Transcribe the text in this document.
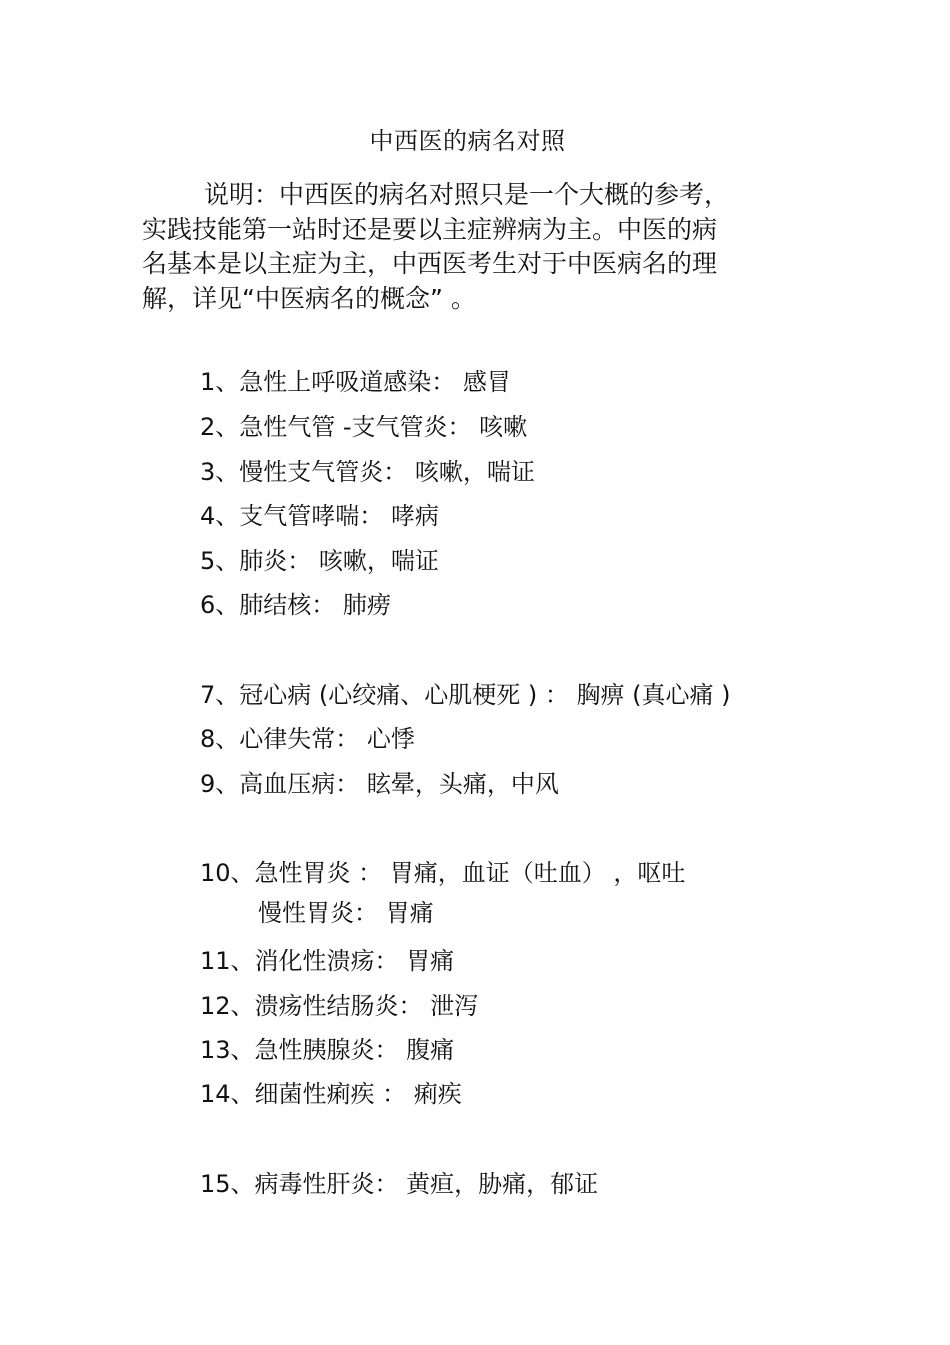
中西医的病名对照
说明：中西医的病名对照只是一个大概的参考，
实践技能第一站时还是要以主症辨病为主。中医的病
名基本是以主症为主，中西医考生对于中医病名的理
解，详见“中医病名的概念” 。
1、急性上呼吸道感染： 感冒
2、急性气管 -支气管炎： 咳嗽
3、慢性支气管炎： 咳嗽，喘证
4、支气管哮喘： 哮病
5、肺炎： 咳嗽，喘证
6、肺结核： 肺痨
7、冠心病 (心绞痛、心肌梗死 ) ： 胸痹 (真心痛 )
8、心律失常： 心悸
9、高血压病： 眩晕，头痛，中风
10、急性胃炎 ： 胃痛，血证（吐血） ，呕吐
慢性胃炎： 胃痛
11、消化性溃疡： 胃痛
12、溃疡性结肠炎： 泄泻
13、急性胰腺炎： 腹痛
14、细菌性痢疾 ： 痢疾
15、病毒性肝炎： 黄疸，胁痛，郁证
